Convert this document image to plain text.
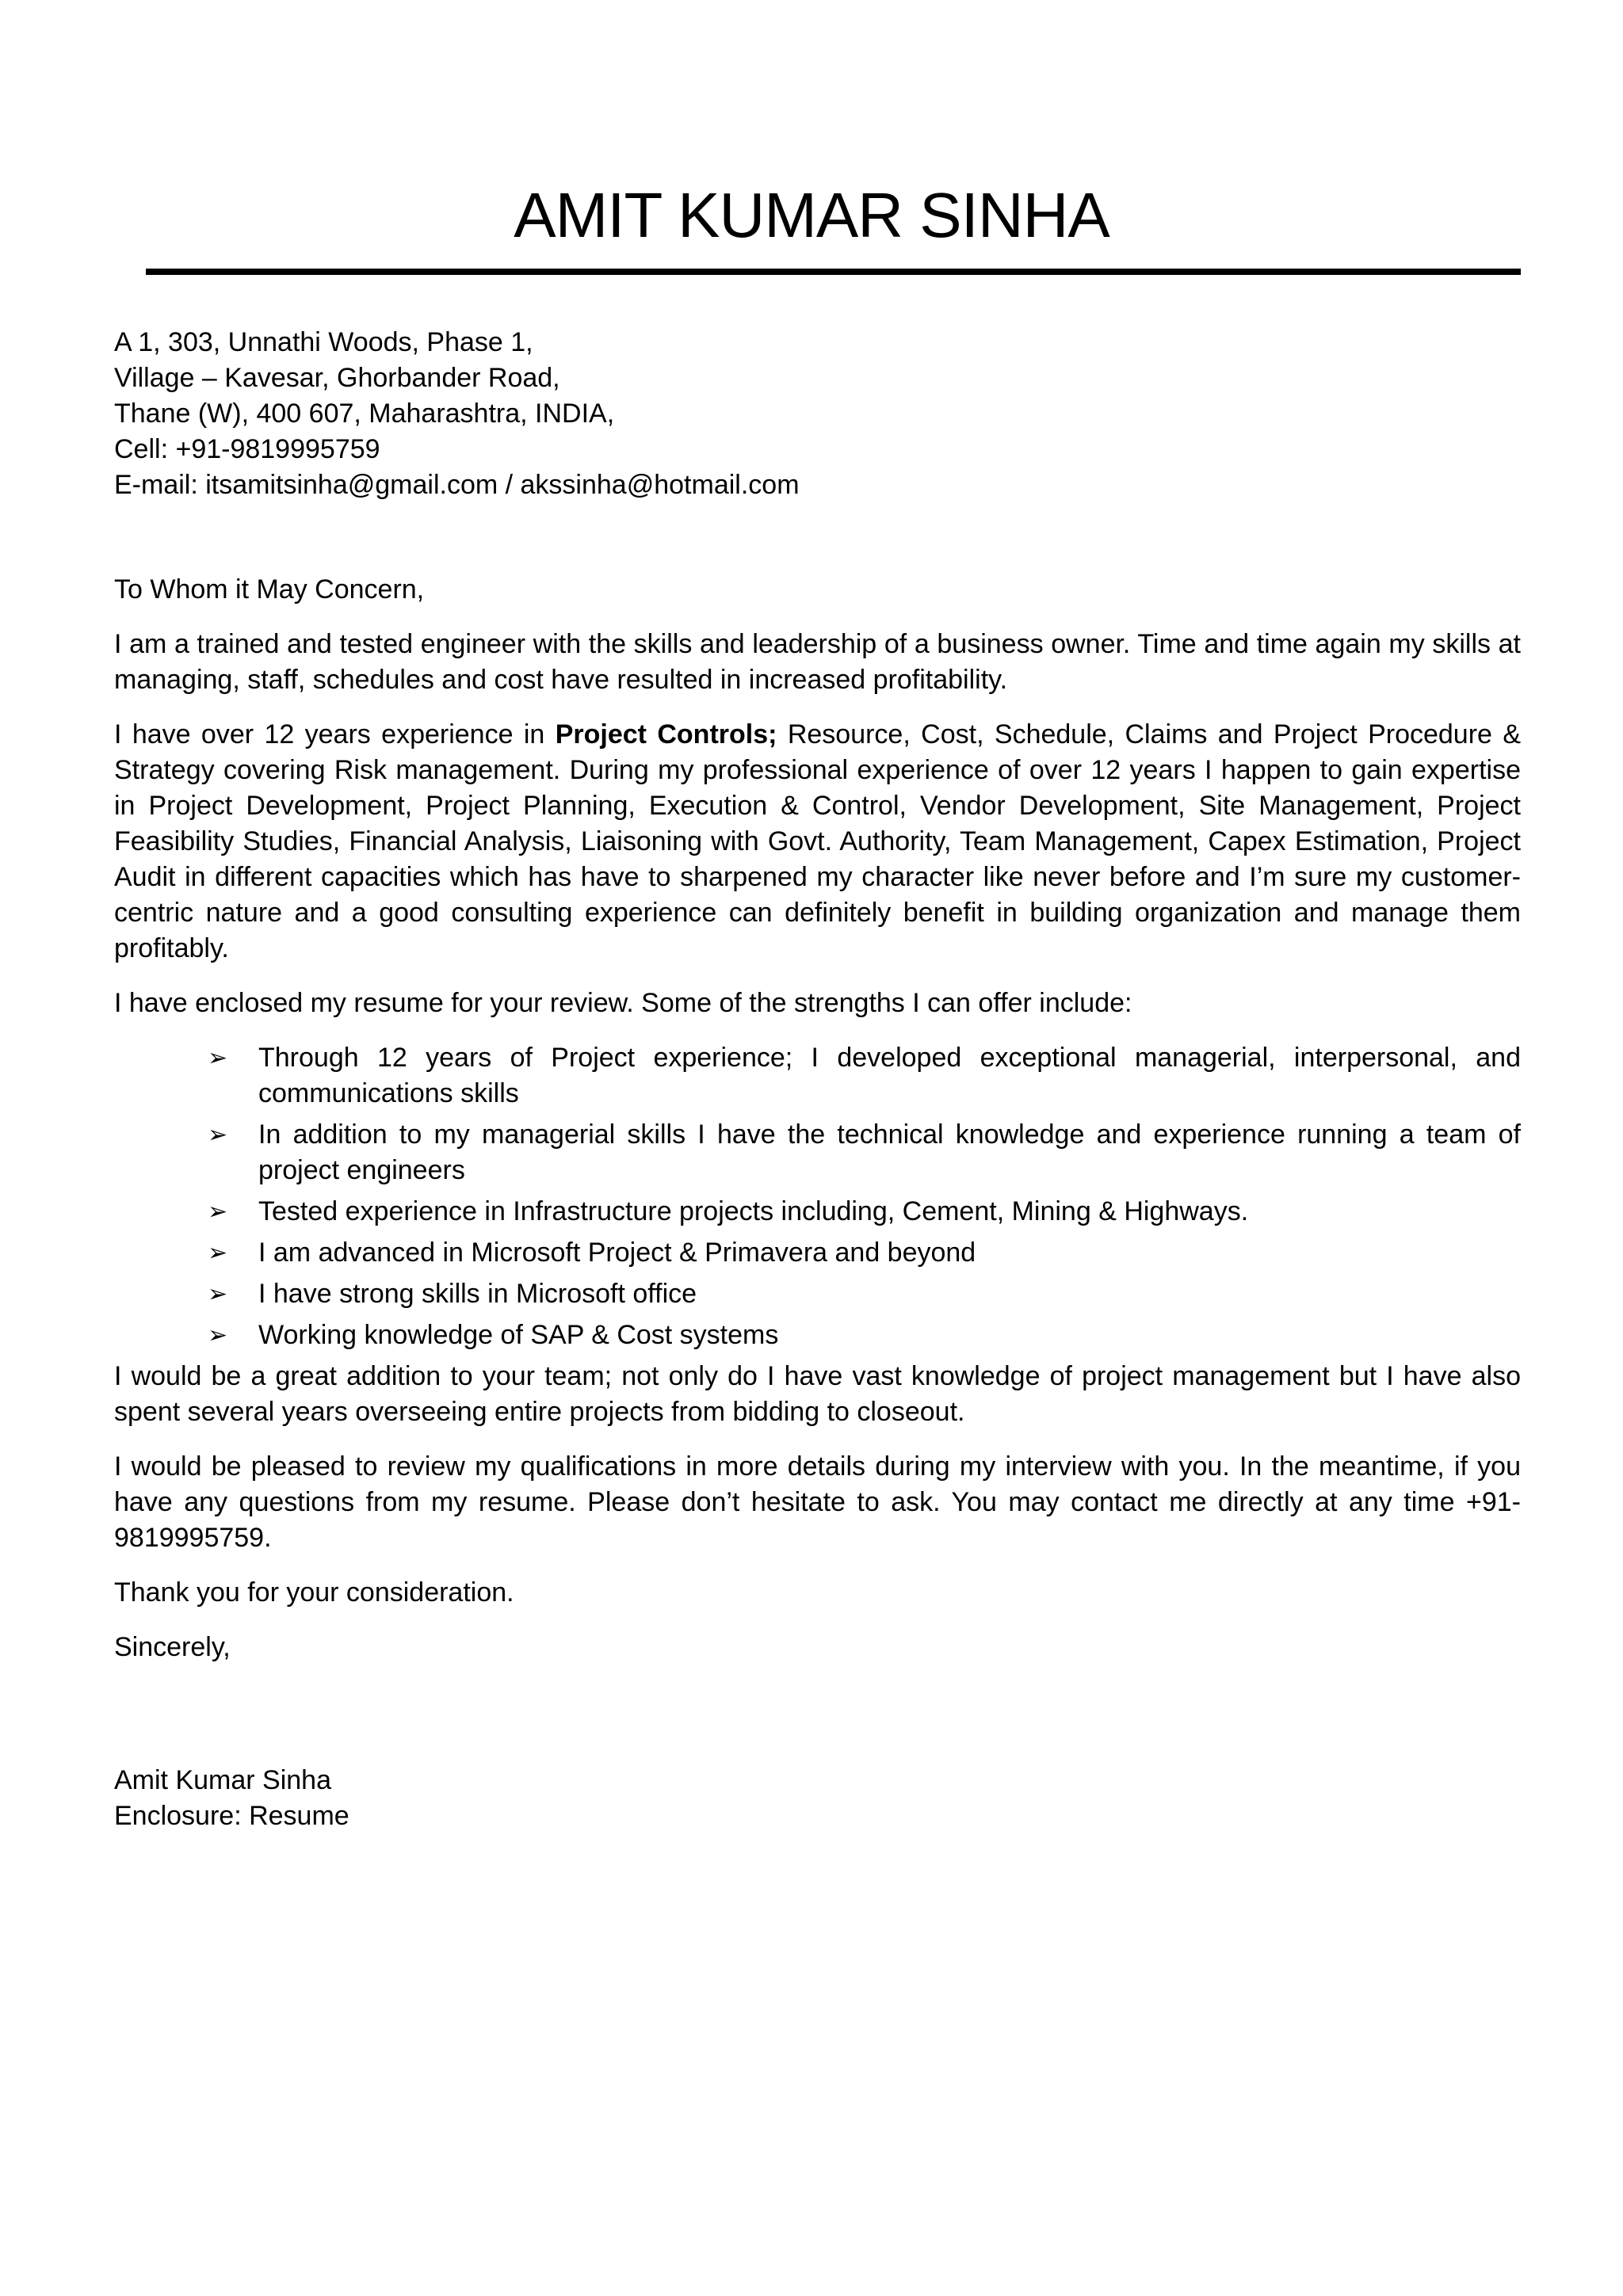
AMIT KUMAR SINHA

A 1, 303, Unnathi Woods, Phase 1,

Village – Kavesar, Ghorbander Road,

Thane (W), 400 607, Maharashtra, INDIA,

Cell: +91-9819995759

E-mail: itsamitsinha@gmail.com / akssinha@hotmail.com

To Whom it May Concern,

I am a trained and tested engineer with the skills and leadership of a business owner. Time and time again my skills at managing, staff, schedules and cost have resulted in increased profitability.

I have over 12 years experience in Project Controls; Resource, Cost, Schedule, Claims and Project Procedure & Strategy covering Risk management. During my professional experience of over 12 years I happen to gain expertise in Project Development, Project Planning, Execution & Control, Vendor Development, Site Management, Project Feasibility Studies, Financial Analysis, Liaisoning with Govt. Authority, Team Management, Capex Estimation, Project Audit in different capacities which has have to sharpened my character like never before and I’m sure my customer-centric nature and a good consulting experience can definitely benefit in building organization and manage them profitably.

I have enclosed my resume for your review. Some of the strengths I can offer include:

➢ Through 12 years of Project experience; I developed exceptional managerial, interpersonal, and communications skills
➢ In addition to my managerial skills I have the technical knowledge and experience running a team of project engineers
➢ Tested experience in Infrastructure projects including, Cement, Mining & Highways.
➢ I am advanced in Microsoft Project & Primavera and beyond
➢ I have strong skills in Microsoft office
➢ Working knowledge of SAP & Cost systems

I would be a great addition to your team; not only do I have vast knowledge of project management but I have also spent several years overseeing entire projects from bidding to closeout.

I would be pleased to review my qualifications in more details during my interview with you. In the meantime, if you have any questions from my resume. Please don’t hesitate to ask. You may contact me directly at any time +91-9819995759.

Thank you for your consideration.

Sincerely,

Amit Kumar Sinha

Enclosure: Resume
